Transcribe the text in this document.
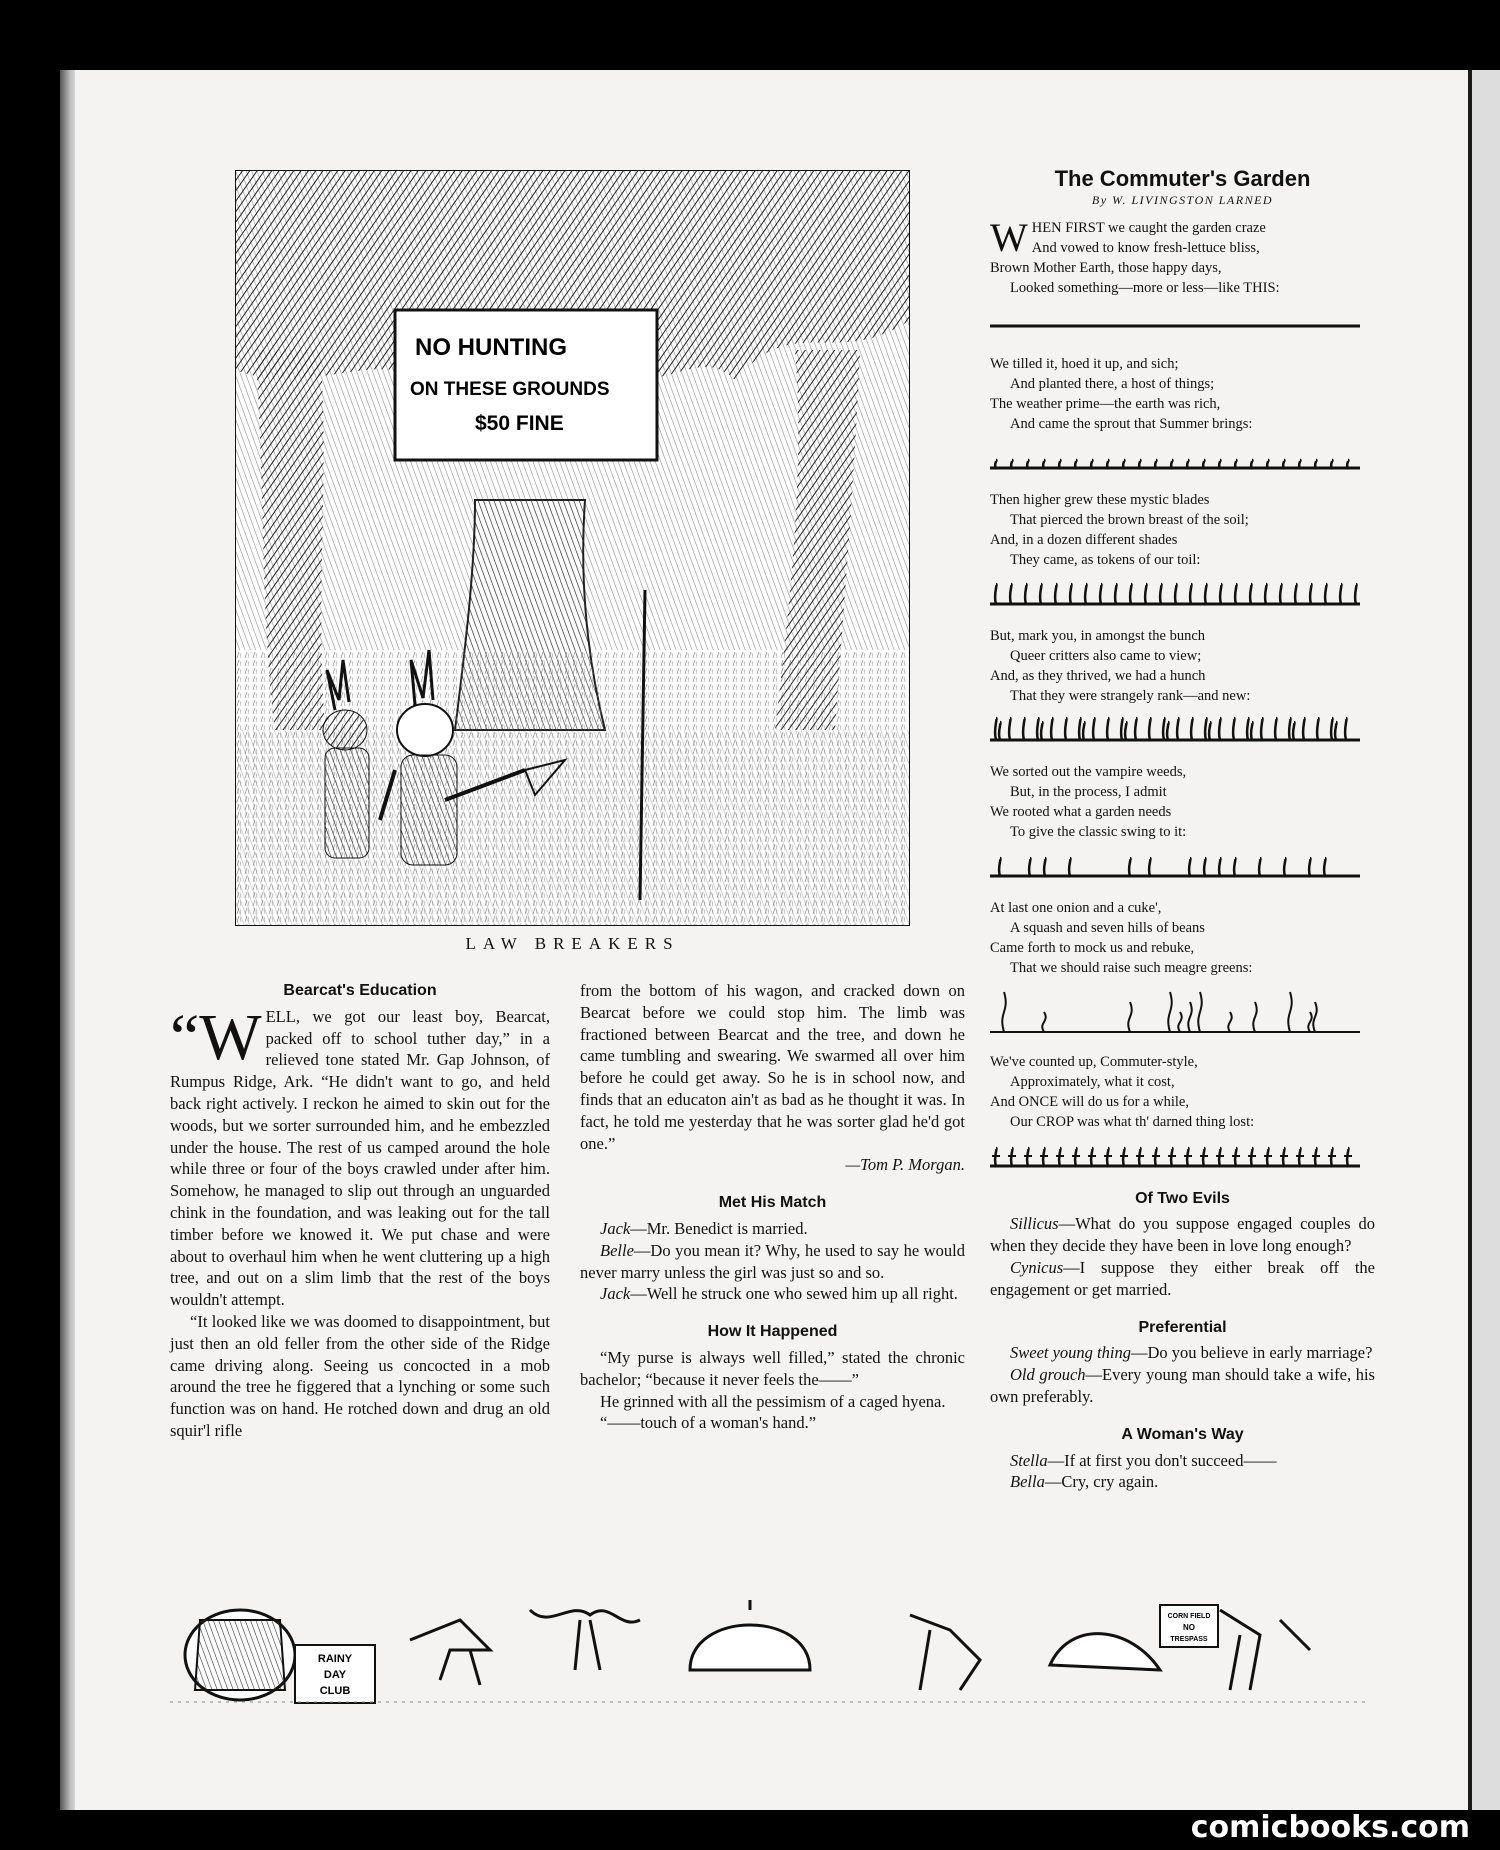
NO HUNTING
ON THESE GROUNDS
$50 FINE
LAW BREAKERS
Bearcat's Education

“W ELL, we got our least boy, Bearcat, packed off to school tuther day,” in a relieved tone stated Mr. Gap Johnson, of Rumpus Ridge, Ark. “He didn't want to go, and held back right actively. I reckon he aimed to skin out for the woods, but we sorter surrounded him, and he embezzled under the house. The rest of us camped around the hole while three or four of the boys crawled under after him. Somehow, he managed to slip out through an unguarded chink in the foundation, and was leaking out for the tall timber before we knowed it. We put chase and were about to overhaul him when he went cluttering up a high tree, and out on a slim limb that the rest of the boys wouldn't attempt.

“It looked like we was doomed to disappointment, but just then an old feller from the other side of the Ridge came driving along. Seeing us concocted in a mob around the tree he figgered that a lynching or some such function was on hand. He rotched down and drug an old squir'l rifle

from the bottom of his wagon, and cracked down on Bearcat before we could stop him. The limb was fractioned between Bearcat and the tree, and down he came tumbling and swearing. We swarmed all over him before he could get away. So he is in school now, and finds that an educaton ain't as bad as he thought it was. In fact, he told me yesterday that he was sorter glad he'd got one.”

—Tom P. Morgan.

Met His Match

Jack—Mr. Benedict is married.

Belle—Do you mean it? Why, he used to say he would never marry unless the girl was just so and so.

Jack—Well he struck one who sewed him up all right.

How It Happened

“My purse is always well filled,” stated the chronic bachelor; “because it never feels the——”

He grinned with all the pessimism of a caged hyena.

“——touch of a woman's hand.”

The Commuter's Garden
By W. LIVINGSTON LARNED
W HEN FIRST we caught the garden craze
And vowed to know fresh-lettuce bliss,
Brown Mother Earth, those happy days,
Looked something—more or less—like THIS:
We tilled it, hoed it up, and sich;
And planted there, a host of things;
The weather prime—the earth was rich,
And came the sprout that Summer brings:
Then higher grew these mystic blades
That pierced the brown breast of the soil;
And, in a dozen different shades
They came, as tokens of our toil:
But, mark you, in amongst the bunch
Queer critters also came to view;
And, as they thrived, we had a hunch
That they were strangely rank—and new:
We sorted out the vampire weeds,
But, in the process, I admit
We rooted what a garden needs
To give the classic swing to it:
At last one onion and a cuke',
A squash and seven hills of beans
Came forth to mock us and rebuke,
That we should raise such meagre greens:
We've counted up, Commuter-style,
Approximately, what it cost,
And ONCE will do us for a while,
Our CROP was what th' darned thing lost:
Of Two Evils

Sillicus—What do you suppose engaged couples do when they decide they have been in love long enough?

Cynicus—I suppose they either break off the engagement or get married.

Preferential

Sweet young thing—Do you believe in early marriage?

Old grouch—Every young man should take a wife, his own preferably.

A Woman's Way

Stella—If at first you don't succeed——

Bella—Cry, cry again.

RAINY
DAY
CLUB
CORN FIELD
NO
TRESPASS
comicbooks.com
